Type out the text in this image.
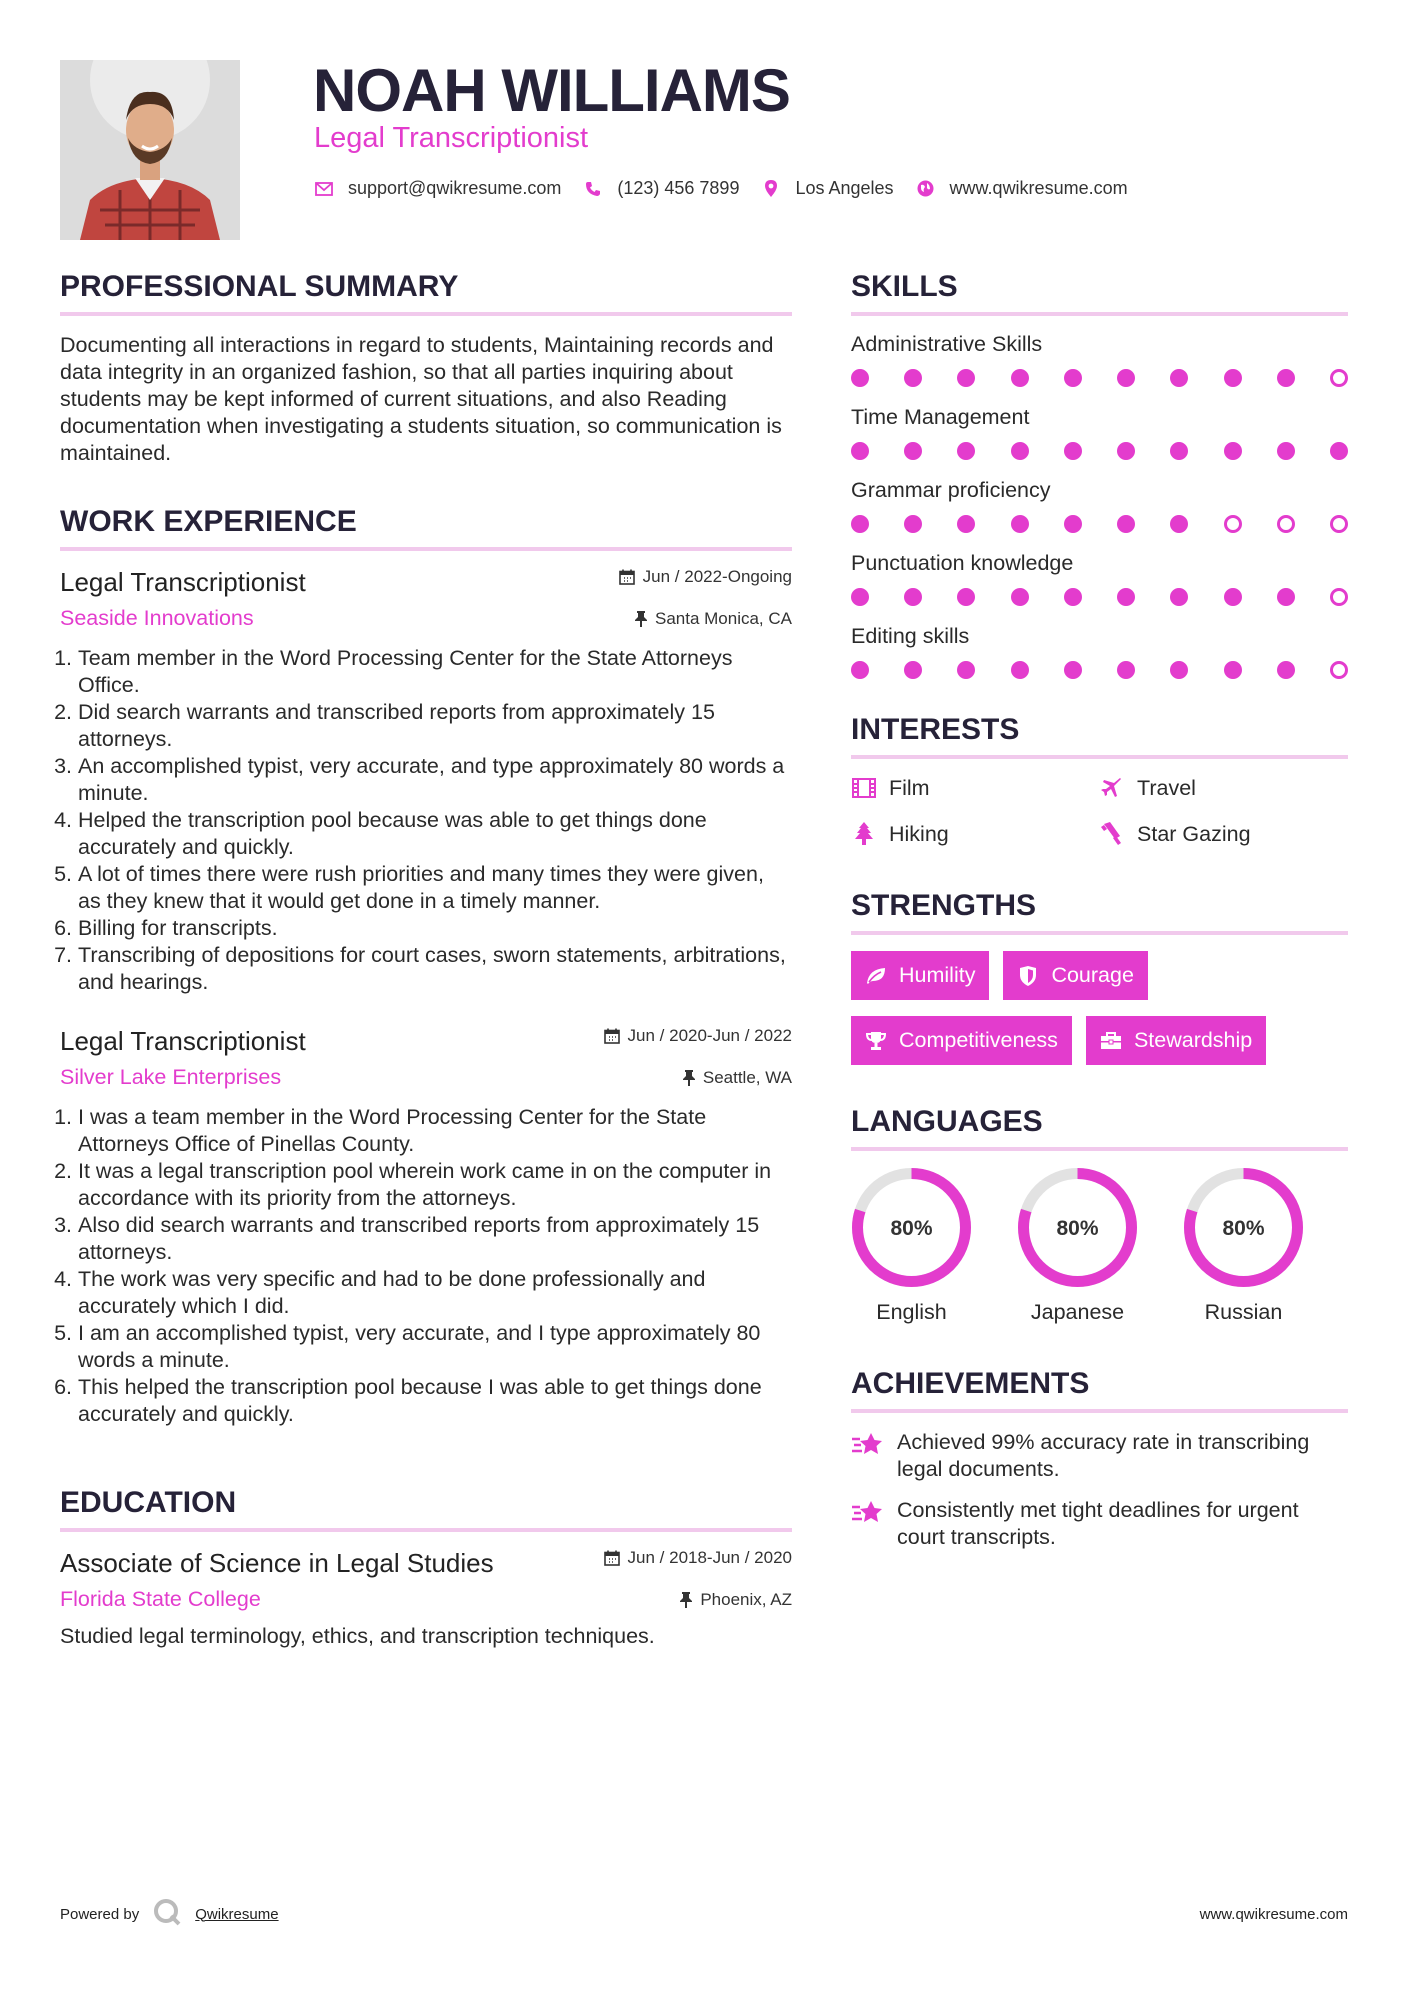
NOAH WILLIAMS
Legal Transcriptionist
support@qwikresume.com	(123) 456 7899	Los Angeles	www.qwikresume.com
PROFESSIONAL SUMMARY
Documenting all interactions in regard to students, Maintaining records and data integrity in an organized fashion, so that all parties inquiring about students may be kept informed of current situations, and also Reading documentation when investigating a students situation, so communication is maintained.
WORK EXPERIENCE
Legal Transcriptionist	Jun / 2022-Ongoing
Seaside Innovations	Santa Monica, CA
1. Team member in the Word Processing Center for the State Attorneys Office.
2. Did search warrants and transcribed reports from approximately 15 attorneys.
3. An accomplished typist, very accurate, and type approximately 80 words a minute.
4. Helped the transcription pool because was able to get things done accurately and quickly.
5. A lot of times there were rush priorities and many times they were given, as they knew that it would get done in a timely manner.
6. Billing for transcripts.
7. Transcribing of depositions for court cases, sworn statements, arbitrations, and hearings.
Legal Transcriptionist	Jun / 2020-Jun / 2022
Silver Lake Enterprises	Seattle, WA
1. I was a team member in the Word Processing Center for the State Attorneys Office of Pinellas County.
2. It was a legal transcription pool wherein work came in on the computer in accordance with its priority from the attorneys.
3. Also did search warrants and transcribed reports from approximately 15 attorneys.
4. The work was very specific and had to be done professionally and accurately which I did.
5. I am an accomplished typist, very accurate, and I type approximately 80 words a minute.
6. This helped the transcription pool because I was able to get things done accurately and quickly.
EDUCATION
Associate of Science in Legal Studies	Jun / 2018-Jun / 2020
Florida State College	Phoenix, AZ
Studied legal terminology, ethics, and transcription techniques.
SKILLS
Administrative Skills
Time Management
Grammar proficiency
Punctuation knowledge
Editing skills
INTERESTS
Film	Travel
Hiking	Star Gazing
STRENGTHS
Humility	Courage
Competitiveness	Stewardship
LANGUAGES
80%
English
80%
Japanese
80%
Russian
ACHIEVEMENTS
Achieved 99% accuracy rate in transcribing legal documents.
Consistently met tight deadlines for urgent court transcripts.
Powered by	Qwikresume	www.qwikresume.com
